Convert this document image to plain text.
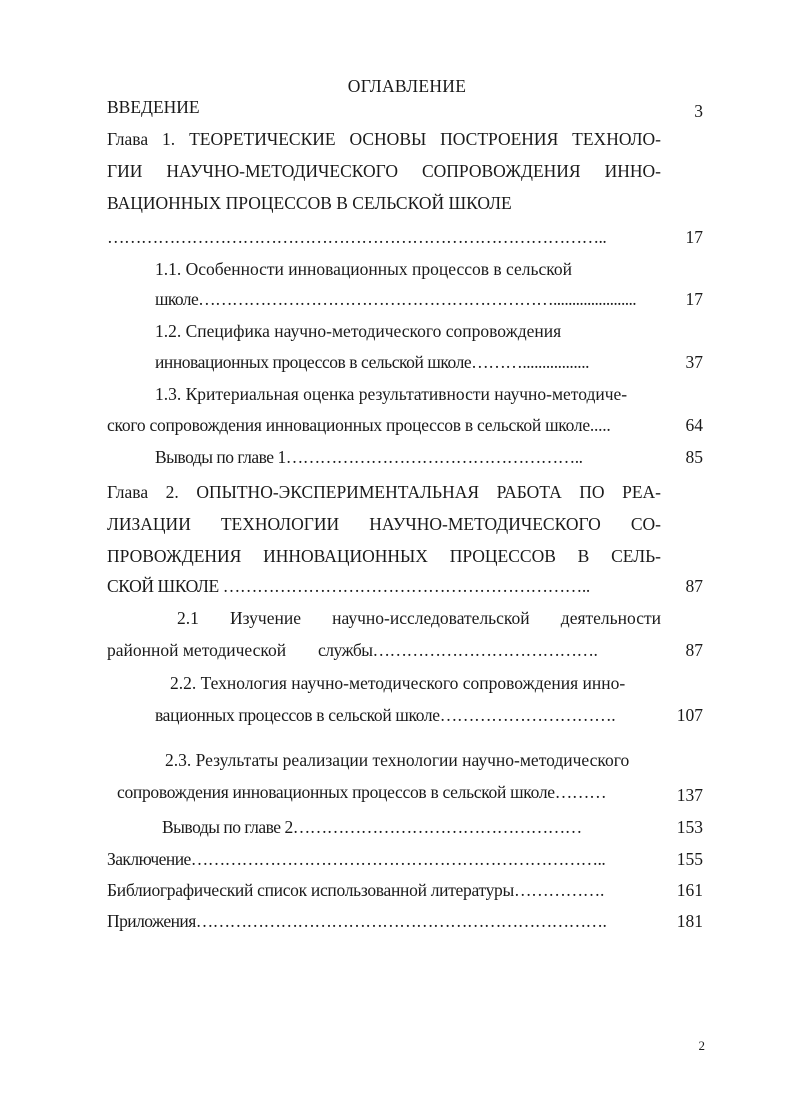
ОГЛАВЛЕНИЕ
ВВЕДЕНИЕ	3
Глава 1. ТЕОРЕТИЧЕСКИЕ ОСНОВЫ ПОСТРОЕНИЯ ТЕХНОЛО-
ГИИ НАУЧНО-МЕТОДИЧЕСКОГО СОПРОВОЖДЕНИЯ ИННО-
ВАЦИОННЫХ ПРОЦЕССОВ В СЕЛЬСКОЙ ШКОЛЕ
……………………………………………………………………………..	17
1.1. Особенности инновационных процессов в сельской
школе………………………………………………………......................	17
1.2. Специфика научно-методического сопровождения
инновационных процессов в сельской школе……….................	37
1.3. Критериальная оценка результативности научно-методиче-
ского сопровождения инновационных процессов в сельской школе.....	64
Выводы по главе 1……………………………………………..	85
Глава 2. ОПЫТНО-ЭКСПЕРИМЕНТАЛЬНАЯ РАБОТА ПО РЕА-
ЛИЗАЦИИ ТЕХНОЛОГИИ НАУЧНО-МЕТОДИЧЕСКОГО СО-
ПРОВОЖДЕНИЯ ИННОВАЦИОННЫХ ПРОЦЕССОВ В СЕЛЬ-
СКОЙ ШКОЛЕ ………………………………………………………..	87
2.1 Изучение научно-исследовательской деятельности
районной методической службы………………………………….	87
2.2. Технология научно-методического сопровождения инно-
вационных процессов в сельской школе………………………….	107
2.3. Результаты реализации технологии научно-методического
сопровождения инновационных процессов в сельской школе………	137
Выводы по главе 2……………………………………………	153
Заключение………………………………………………………………..	155
Библиографический список использованной литературы…………….	161
Приложения……………………………………………………………….	181
2
